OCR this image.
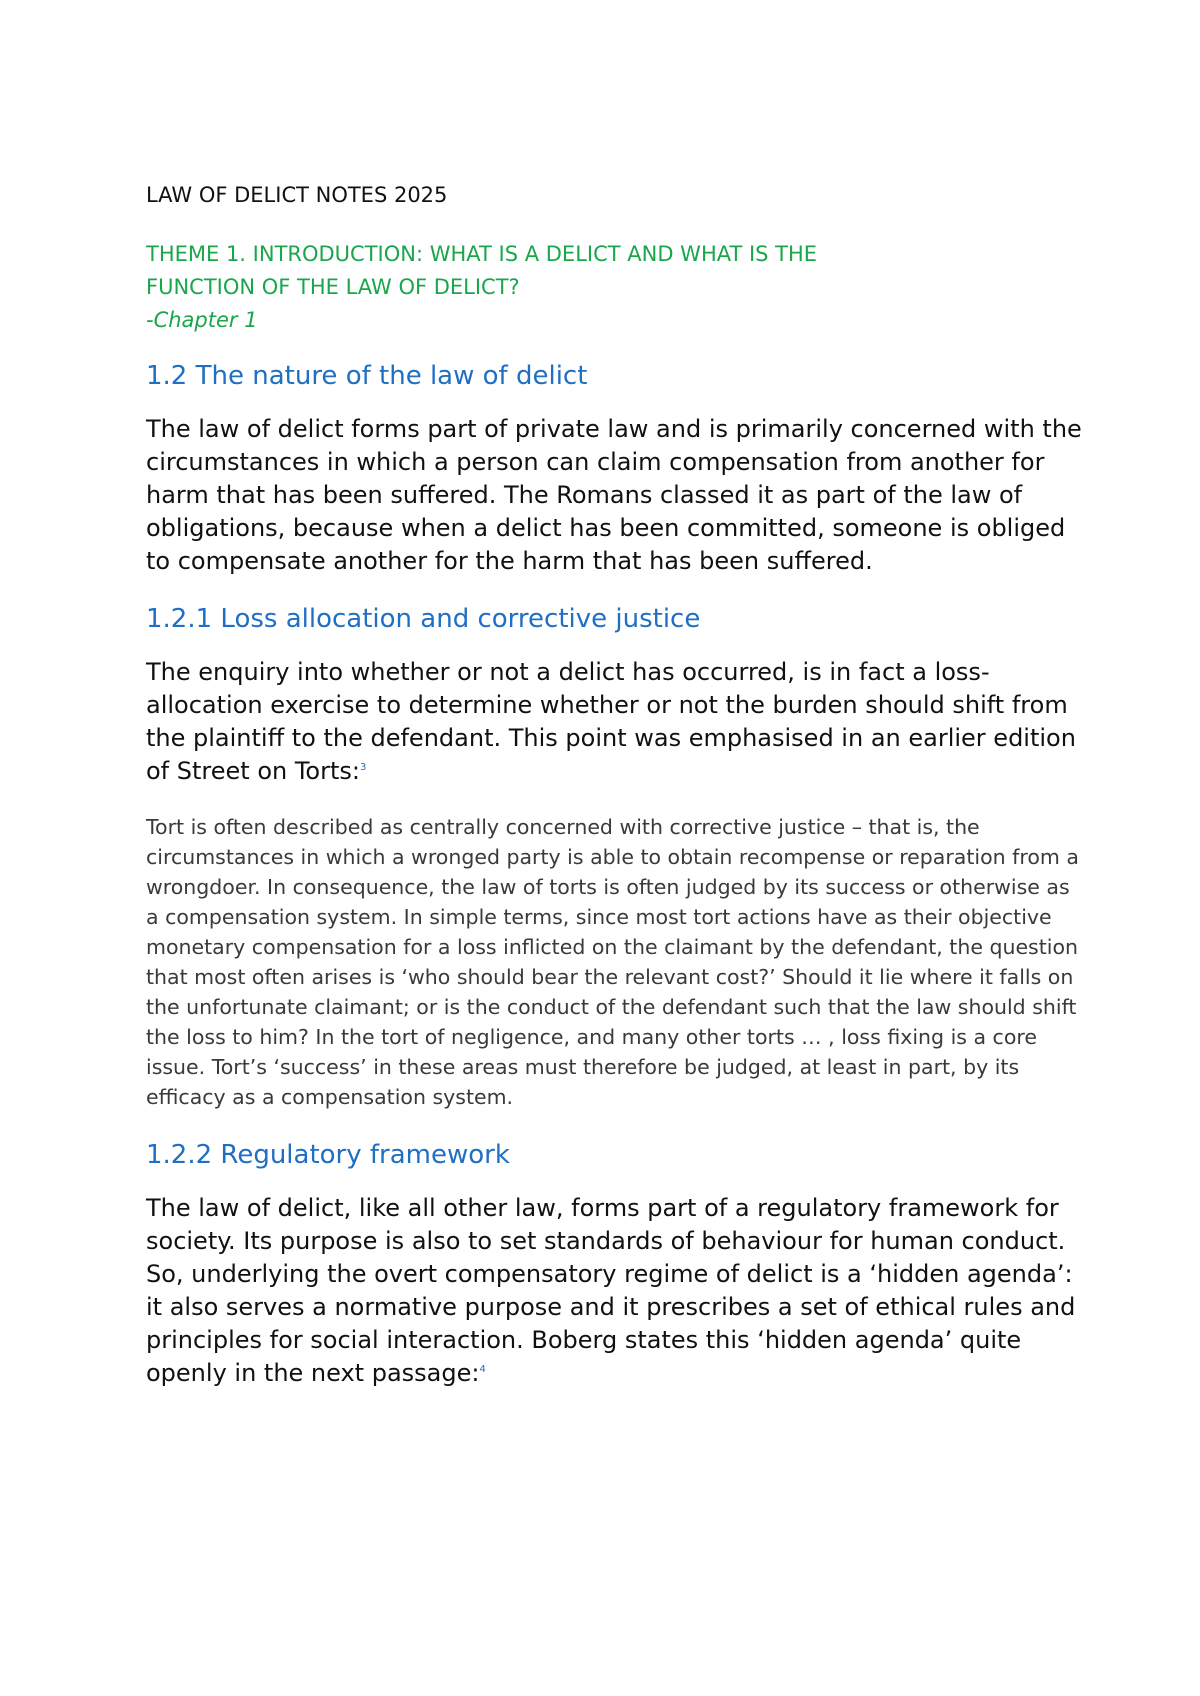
LAW OF DELICT NOTES 2025

THEME 1. INTRODUCTION: WHAT IS A DELICT AND WHAT IS THE
FUNCTION OF THE LAW OF DELICT?
-Chapter 1

1.2 The nature of the law of delict

The law of delict forms part of private law and is primarily concerned with the circumstances in which a person can claim compensation from another for harm that has been suffered. The Romans classed it as part of the law of obligations, because when a delict has been committed, someone is obliged to compensate another for the harm that has been suffered.

1.2.1 Loss allocation and corrective justice

The enquiry into whether or not a delict has occurred, is in fact a loss-allocation exercise to determine whether or not the burden should shift from the plaintiff to the defendant. This point was emphasised in an earlier edition of Street on Torts:$^3$

Tort is often described as centrally concerned with corrective justice – that is, the circumstances in which a wronged party is able to obtain recompense or reparation from a wrongdoer. In consequence, the law of torts is often judged by its success or otherwise as a compensation system. In simple terms, since most tort actions have as their objective monetary compensation for a loss inflicted on the claimant by the defendant, the question that most often arises is ‘who should bear the relevant cost?’ Should it lie where it falls on the unfortunate claimant; or is the conduct of the defendant such that the law should shift the loss to him? In the tort of negligence, and many other torts … , loss fixing is a core issue. Tort’s ‘success’ in these areas must therefore be judged, at least in part, by its efficacy as a compensation system.

1.2.2 Regulatory framework

The law of delict, like all other law, forms part of a regulatory framework for society. Its purpose is also to set standards of behaviour for human conduct. So, underlying the overt compensatory regime of delict is a ‘hidden agenda’: it also serves a normative purpose and it prescribes a set of ethical rules and principles for social interaction. Boberg states this ‘hidden agenda’ quite openly in the next passage:$^4$
